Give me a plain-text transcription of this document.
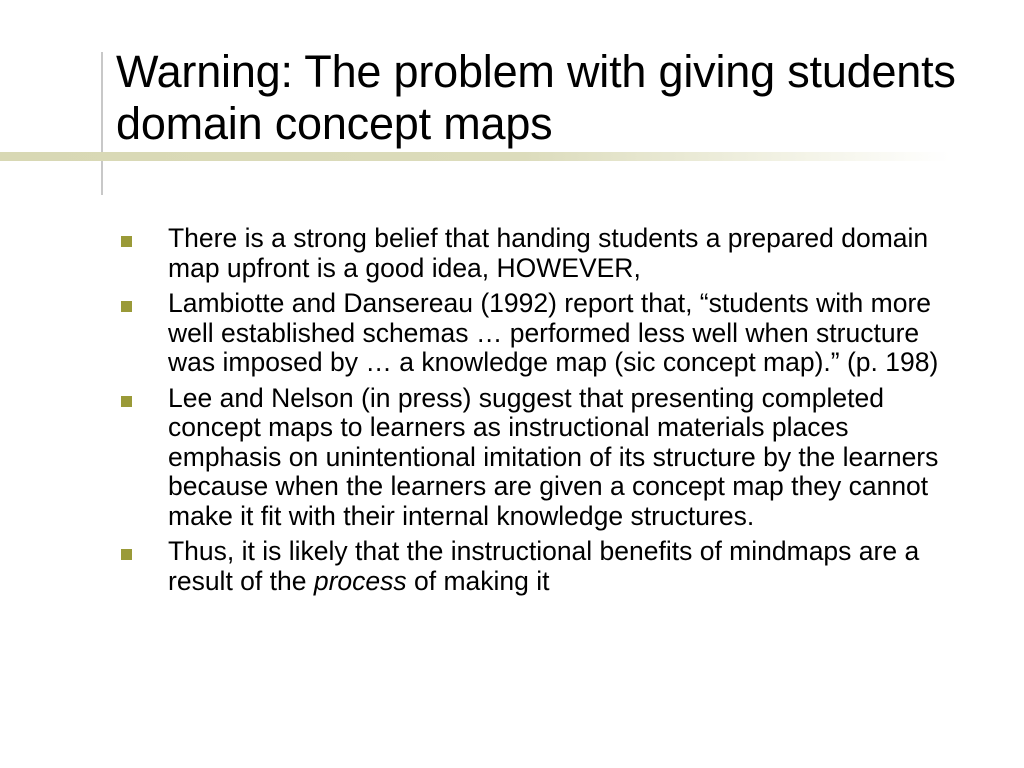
Warning: The problem with giving students domain concept maps
There is a strong belief that handing students a prepared domain map upfront is a good idea, HOWEVER,
Lambiotte and Dansereau (1992) report that, “students with more well established schemas … performed less well when structure was imposed by … a knowledge map (sic concept map).” (p. 198)
Lee and Nelson (in press) suggest that presenting completed concept maps to learners as instructional materials places emphasis on unintentional imitation of its structure by the learners because when the learners are given a concept map they cannot make it fit with their internal knowledge structures.
Thus, it is likely that the instructional benefits of mindmaps are a result of the process of making it
